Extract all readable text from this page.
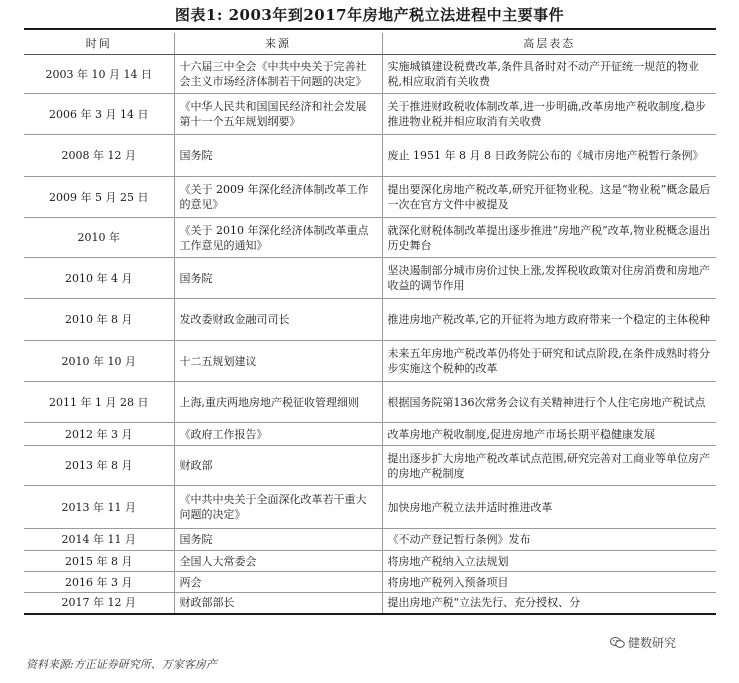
图表1: 2003年到2017年房地产税立法进程中主要事件
时间	来源	高层表态
2003 年 10 月 14 日	十六届三中全会《中共中央关于完善社会主义市场经济体制若干问题的决定》	实施城镇建设税费改革,条件具备时对不动产开征统一规范的物业税,相应取消有关收费
2006 年 3 月 14 日	《中华人民共和国国民经济和社会发展第十一个五年规划纲要》	关于推进财政税收体制改革,进一步明确,改革房地产税收制度,稳步推进物业税并相应取消有关收费
2008 年 12 月	国务院	废止 1951 年 8 月 8 日政务院公布的《城市房地产税暂行条例》
2009 年 5 月 25 日	《关于 2009 年深化经济体制改革工作的意见》	提出要深化房地产税改革,研究开征物业税。这是“物业税”概念最后一次在官方文件中被提及
2010 年	《关于 2010 年深化经济体制改革重点工作意见的通知》	就深化财税体制改革提出逐步推进“房地产税”改革,物业税概念退出历史舞台
2010 年 4 月	国务院	坚决遏制部分城市房价过快上涨,发挥税收政策对住房消费和房地产收益的调节作用
2010 年 8 月	发改委财政金融司司长	推进房地产税改革,它的开征将为地方政府带来一个稳定的主体税种
2010 年 10 月	十二五规划建议	未来五年房地产税改革仍将处于研究和试点阶段,在条件成熟时将分步实施这个税种的改革
2011 年 1 月 28 日	上海,重庆两地房地产税征收管理细则	根据国务院第136次常务会议有关精神进行个人住宅房地产税试点
2012 年 3 月	《政府工作报告》	改革房地产税收制度,促进房地产市场长期平稳健康发展
2013 年 8 月	财政部	提出逐步扩大房地产税改革试点范围,研究完善对工商业等单位房产的房地产税制度
2013 年 11 月	《中共中央关于全面深化改革若干重大问题的决定》	加快房地产税立法并适时推进改革
2014 年 11 月	国务院	《不动产登记暂行条例》发布
2015 年 8 月	全国人大常委会	将房地产税纳入立法规划
2016 年 3 月	两会	将房地产税列入预备项目
2017 年 12 月	财政部部长	提出房地产税“立法先行、充分授权、分
资料来源:方正证券研究所、万家客房产
健数研究
